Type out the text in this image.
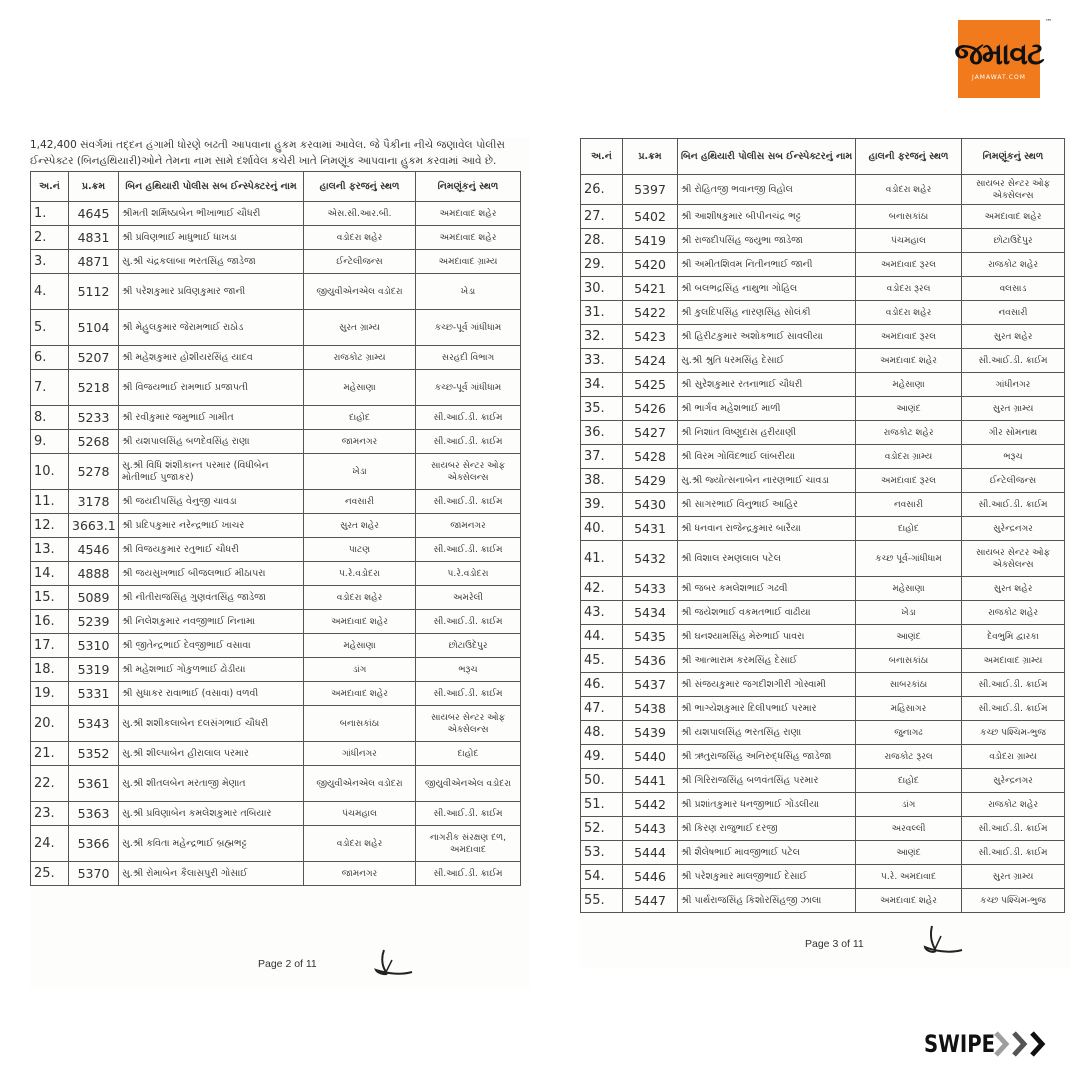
જમાવટ
JAMAWAT.COM
™

1,42,400 સંવર્ગમાં તદ્દન હંગામી ધોરણે બઢતી આપવાના હુકમ કરવામાં આવેલ. જે પૈકીના નીચે જણાવેલ પોલીસ ઈન્સ્પેક્ટર (બિનહથિયારી)ઓને તેમના નામ સામે દર્શાવેલ કચેરી ખાતે નિમણૂંક આપવાના હુકમ કરવામાં આવે છે.

અ.નં	પ્ર.ક્રમ	બિન હથિયારી પોલીસ સબ ઈન્સ્પેક્ટરનું નામ	હાલની ફરજનું સ્થળ	નિમણૂંકનું સ્થળ
1.	4645	શ્રીમતી શર્મિષ્ઠાબેન ભીખાભાઈ ચૌધરી	એસ.સી.આર.બી.	અમદાવાદ શહેર
2.	4831	શ્રી પ્રવિણભાઈ માધુભાઈ ધાખડા	વડોદરા શહેર	અમદાવાદ શહેર
3.	4871	સુ.શ્રી ચંદ્રકલાબા ભરતસિંહ જાડેજા	ઈન્ટેલીજન્સ	અમદાવાદ ગ્રામ્ય
4.	5112	શ્રી પરેશકુમાર પ્રવિણકુમાર જાની	જીયુવીએનએલ વડોદરા	ખેડા
5.	5104	શ્રી મેહુલકુમાર જેરામભાઈ રાઠોડ	સુરત ગ્રામ્ય	કચ્છ-પૂર્વ ગાંધીધામ
6.	5207	શ્રી મહેશકુમાર હોશીયરસિંહ યાદવ	રાજકોટ ગ્રામ્ય	સરહદી વિભાગ
7.	5218	શ્રી વિજયભાઈ રામભાઈ પ્રજાપતી	મહેસાણા	કચ્છ-પૂર્વ ગાંધીધામ
8.	5233	શ્રી રવીકુમાર જમુભાઈ ગામીત	દાહોદ	સી.આઈ.ડી. ક્રાઈમ
9.	5268	શ્રી યશપાલસિંહ બળદેવસિંહ રાણા	જામનગર	સી.આઈ.ડી. ક્રાઈમ
10.	5278	સુ.શ્રી વિધિ શંશીકાન્ત પરમાર (વિધીબેન મોતીભાઈ પુજાકર)	ખેડા	સાયબર સેન્ટર ઓફ એક્સેલન્સ
11.	3178	શ્રી જયદીપસિંહ વેનુજી ચાવડા	નવસારી	સી.આઈ.ડી. ક્રાઈમ
12.	3663.1	શ્રી પ્રદિપકુમાર નરેન્દ્રભાઈ ખાચર	સુરત શહેર	જામનગર
13.	4546	શ્રી વિજયકુમાર રતુભાઈ ચૌધરી	પાટણ	સી.આઈ.ડી. ક્રાઈમ
14.	4888	શ્રી જયસુખભાઈ બીજલભાઈ મીઠાપરા	પ.રે.વડોદરા	પ.રે.વડોદરા
15.	5089	શ્રી નીતીરાજસિંહ ગુણવંતસિંહ જાડેજા	વડોદરા શહેર	અમરેલી
16.	5239	શ્રી નિલેશકુમાર નવજીભાઈ નિનામા	અમદાવાદ શહેર	સી.આઈ.ડી. ક્રાઈમ
17.	5310	શ્રી જીતેન્દ્રભાઈ દેવજીભાઈ વસાવા	મહેસાણા	છોટાઉદેપુર
18.	5319	શ્રી મહેશભાઈ ગોકુળભાઈ ઢોડીયા	ડાંગ	ભરૂચ
19.	5331	શ્રી સુધાકર રાવાભાઈ (વસાવા) વળવી	અમદાવાદ શહેર	સી.આઈ.ડી. ક્રાઈમ
20.	5343	સુ.શ્રી શશીકલાબેન દલસંગભાઈ ચૌધરી	બનાસકાંઠા	સાયબર સેન્ટર ઓફ એક્સેલન્સ
21.	5352	સુ.શ્રી શીલ્પાબેન હીરાલાલ પરમાર	ગાંધીનગર	દાહોદ
22.	5361	સુ.શ્રી શીતલબેન મરતાજી મેણાત	જીયુવીએનએલ વડોદરા	જીયુવીએનએલ વડોદરા
23.	5363	સુ.શ્રી પ્રવિણાબેન કમલેશકુમાર તબિયાર	પંચમહાલ	સી.આઈ.ડી. ક્રાઈમ
24.	5366	સુ.શ્રી કવિતા મહેન્દ્રભાઈ બ્રહ્મભટ્ટ	વડોદરા શહેર	નાગરીક સંરક્ષણ દળ, અમદાવાદ
25.	5370	સુ.શ્રી રોમાબેન કૈલાસપુરી ગોસાઈ	જામનગર	સી.આઈ.ડી. ક્રાઈમ
Page 2 of 11
અ.નં	પ્ર.ક્રમ	બિન હથિયારી પોલીસ સબ ઈન્સ્પેક્ટરનું નામ	હાલની ફરજનું સ્થળ	નિમણૂંકનું સ્થળ
26.	5397	શ્રી રોહિતજી ભવાનજી વિહોલ	વડોદરા શહેર	સાયબર સેન્ટર ઓફ એક્સેલન્સ
27.	5402	શ્રી આશીષકુમાર બીપીનચંદ્ર ભટ્ટ	બનાસકાંઠા	અમદાવાદ શહેર
28.	5419	શ્રી રાજદીપસિંહ જયુભા જાડેજા	પંચમહાલ	છોટાઉદેપુર
29.	5420	શ્રી અમીતશિવમ નિતીનભાઈ જાની	અમદાવાદ રૂરલ	રાજકોટ શહેર
30.	5421	શ્રી બલભદ્રસિંહ નાથુભા ગોહિલ	વડોદરા રૂરલ	વલસાડ
31.	5422	શ્રી કુલદિપસિંહ નારણસિંહ સોલંકી	વડોદરા શહેર	નવસારી
32.	5423	શ્રી હિરીટકુમાર અશોકભાઈ સાવલીયા	અમદાવાદ રૂરલ	સુરત શહેર
33.	5424	સુ.શ્રી શ્રુતિ ધરમસિંહ દેસાઈ	અમદાવાદ શહેર	સી.આઈ.ડી. ક્રાઈમ
34.	5425	શ્રી સુરેશકુમાર રતનાભાઈ ચૌધરી	મહેસાણા	ગાંધીનગર
35.	5426	શ્રી ભાર્ગવ મહેશભાઈ માળી	આણંદ	સુરત ગ્રામ્ય
36.	5427	શ્રી નિશાંત વિષ્ણુદાસ હરીયાણી	રાજકોટ શહેર	ગીર સોમનાથ
37.	5428	શ્રી વિરમ ગોવિંદભાઈ લાંબરીયા	વડોદરા ગ્રામ્ય	ભરૂચ
38.	5429	સુ.શ્રી જ્યોત્સનાબેન નારણભાઈ ચાવડા	અમદાવાદ રૂરલ	ઈન્ટેલીજન્સ
39.	5430	શ્રી સાગરભાઈ વિનુભાઈ આહિર	નવસારી	સી.આઈ.ડી. ક્રાઈમ
40.	5431	શ્રી ધનવાન રાજેન્દ્રકુમાર બારૈયા	દાહોદ	સુરેન્દ્રનગર
41.	5432	શ્રી વિશાલ રમણલાલ પટેલ	કચ્છ પૂર્વ-ગાંધીધામ	સાયબર સેન્ટર ઓફ એક્સેલન્સ
42.	5433	શ્રી જબર કમલેશભાઈ ગઢવી	મહેસાણા	સુરત શહેર
43.	5434	શ્રી જયેશભાઈ વકમતભાઈ વાઢીયા	ખેડા	રાજકોટ શહેર
44.	5435	શ્રી ઘનશ્યામસિંહ મેરુભાઈ પાવરા	આણંદ	દેવભુમિ દ્વારકા
45.	5436	શ્રી આત્મારામ કરમસિંહ દેસાઈ	બનાસકાંઠા	અમદાવાદ ગ્રામ્ય
46.	5437	શ્રી સંજયકુમાર જગદીશગીરી ગોસ્વામી	સાબરકાંઠા	સી.આઈ.ડી. ક્રાઈમ
47.	5438	શ્રી ભાગ્યેશકુમાર દિલીપભાઈ પરમાર	મહિસાગર	સી.આઈ.ડી. ક્રાઈમ
48.	5439	શ્રી યશપાલસિંહ ભરતસિંહ રાણા	જુનાગઢ	કચ્છ પશ્ચિમ-ભુજ
49.	5440	શ્રી ઋતુરાજસિંહ અનિરુદ્ધસિંહ જાડેજા	રાજકોટ રૂરલ	વડોદરા ગ્રામ્ય
50.	5441	શ્રી ગિરિરાજસિંહ બળવંતસિંહ પરમાર	દાહોદ	સુરેન્દ્રનગર
51.	5442	શ્રી પ્રશાંતકુમાર ધનજીભાઈ ગોંડલીયા	ડાંગ	રાજકોટ શહેર
52.	5443	શ્રી કિરણ રાજુભાઈ દરજી	અરવલ્લી	સી.આઈ.ડી. ક્રાઈમ
53.	5444	શ્રી શૈલેષભાઈ માવજીભાઈ પટેલ	આણંદ	સી.આઈ.ડી. ક્રાઈમ
54.	5446	શ્રી પરેશકુમાર માલજીભાઈ દેસાઈ	પ.રે. અમદાવાદ	સુરત ગ્રામ્ય
55.	5447	શ્રી પાર્થરાજસિંહ કિશોરસિંહજી ઝાલા	અમદાવાદ શહેર	કચ્છ પશ્ચિમ-ભુજ
Page 3 of 11
SWIPE
